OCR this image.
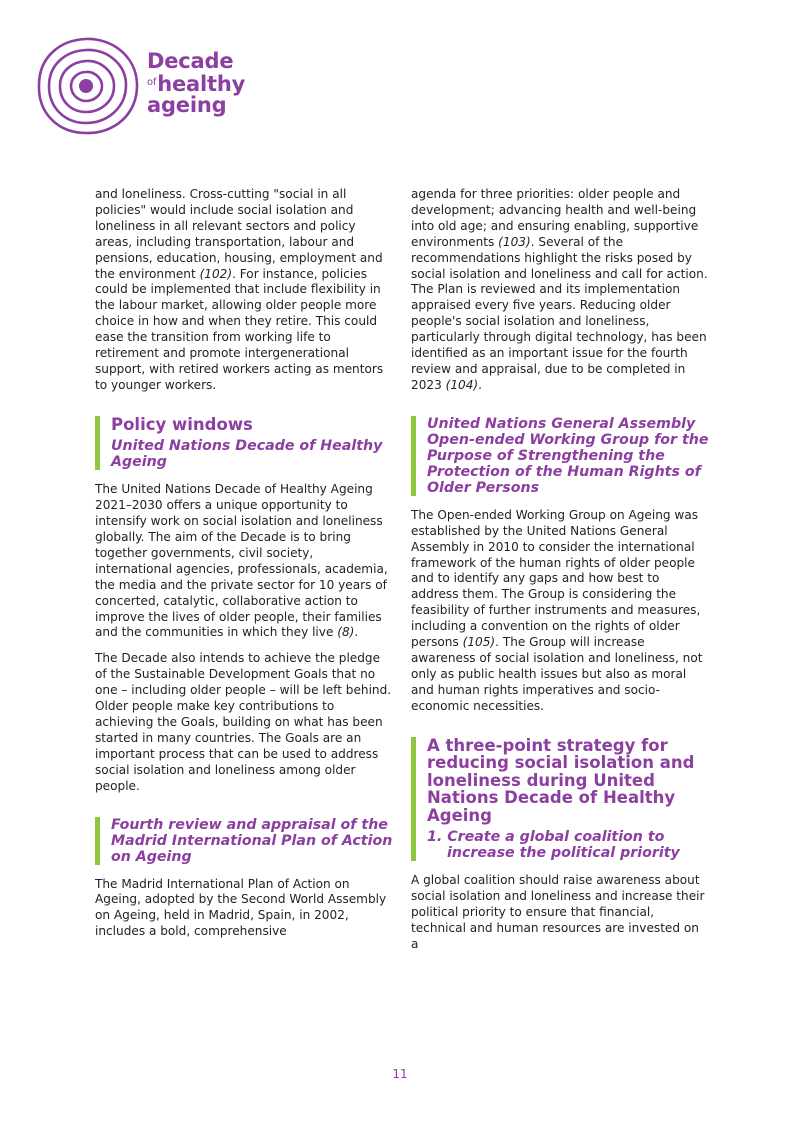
Decade
$^{of}$healthy
ageing

and loneliness. Cross-cutting "social in all policies" would include social isolation and loneliness in all relevant sectors and policy areas, including transportation, labour and pensions, education, housing, employment and the environment (102). For instance, policies could be implemented that include flexibility in the labour market, allowing older people more choice in how and when they retire. This could ease the transition from working life to retirement and promote intergenerational support, with retired workers acting as mentors to younger workers.

Policy windows
United Nations Decade of Healthy Ageing

The United Nations Decade of Healthy Ageing 2021–2030 offers a unique opportunity to intensify work on social isolation and loneliness globally. The aim of the Decade is to bring together governments, civil society, international agencies, professionals, academia, the media and the private sector for 10 years of concerted, catalytic, collaborative action to improve the lives of older people, their families and the communities in which they live (8).

The Decade also intends to achieve the pledge of the Sustainable Development Goals that no one – including older people – will be left behind. Older people make key contributions to achieving the Goals, building on what has been started in many countries. The Goals are an important process that can be used to address social isolation and loneliness among older people.

Fourth review and appraisal of the Madrid International Plan of Action on Ageing

The Madrid International Plan of Action on Ageing, adopted by the Second World Assembly on Ageing, held in Madrid, Spain, in 2002, includes a bold, comprehensive

agenda for three priorities: older people and development; advancing health and well-being into old age; and ensuring enabling, supportive environments (103). Several of the recommendations highlight the risks posed by social isolation and loneliness and call for action. The Plan is reviewed and its implementation appraised every five years. Reducing older people's social isolation and loneliness, particularly through digital technology, has been identified as an important issue for the fourth review and appraisal, due to be completed in 2023 (104).

United Nations General Assembly Open-ended Working Group for the Purpose of Strengthening the Protection of the Human Rights of Older Persons

The Open-ended Working Group on Ageing was established by the United Nations General Assembly in 2010 to consider the international framework of the human rights of older people and to identify any gaps and how best to address them. The Group is considering the feasibility of further instruments and measures, including a convention on the rights of older persons (105). The Group will increase awareness of social isolation and loneliness, not only as public health issues but also as moral and human rights imperatives and socio-economic necessities.

A three-point strategy for reducing social isolation and loneliness during United Nations Decade of Healthy Ageing
1. Create a global coalition to increase the political priority

A global coalition should raise awareness about social isolation and loneliness and increase their political priority to ensure that financial, technical and human resources are invested on a

11
